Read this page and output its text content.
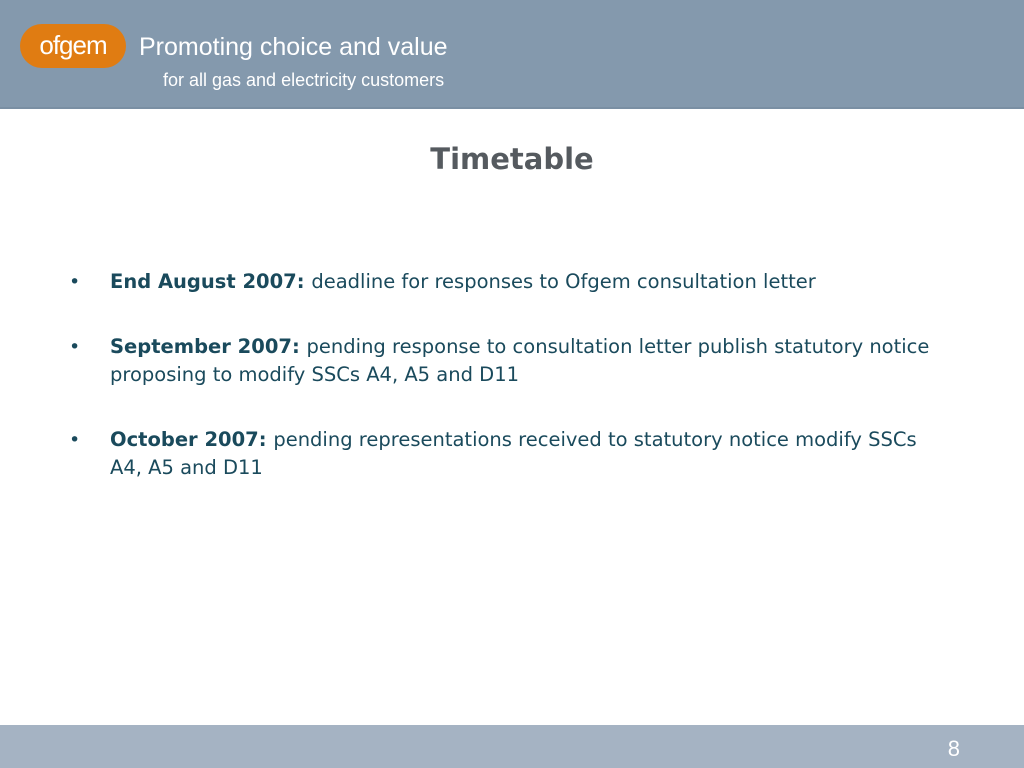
ofgem	Promoting choice and value
for all gas and electricity customers
Timetable
• End August 2007: deadline for responses to Ofgem consultation letter
• September 2007: pending response to consultation letter publish statutory notice proposing to modify SSCs A4, A5 and D11
• October 2007: pending representations received to statutory notice modify SSCs A4, A5 and D11
8
